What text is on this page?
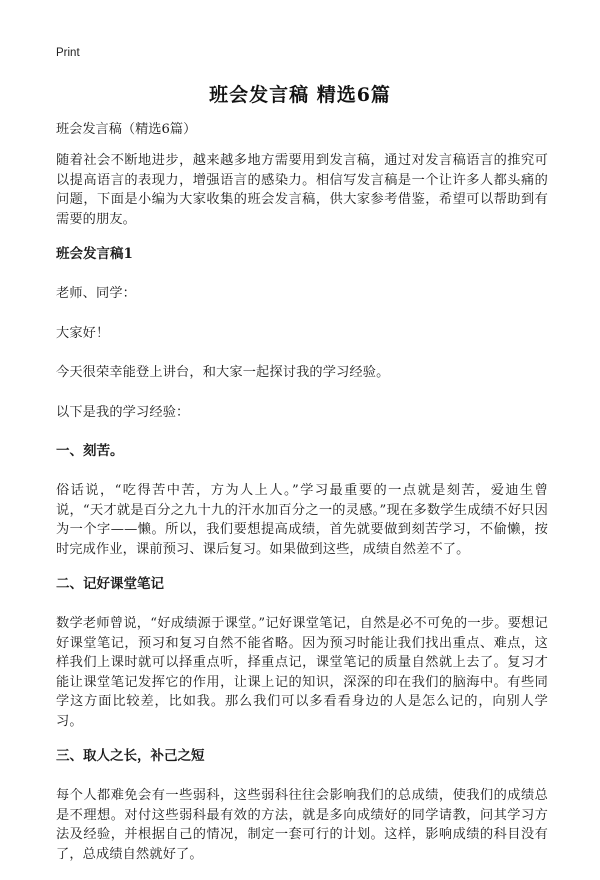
Print
班会发言稿 精选6篇

班会发言稿（精选6篇）

随着社会不断地进步，越来越多地方需要用到发言稿，通过对发言稿语言的推究可以提高语言的表现力，增强语言的感染力。相信写发言稿是一个让许多人都头痛的问题，下面是小编为大家收集的班会发言稿，供大家参考借鉴，希望可以帮助到有需要的朋友。

班会发言稿1

老师、同学：

大家好！

今天很荣幸能登上讲台，和大家一起探讨我的学习经验。

以下是我的学习经验：

一、刻苦。

俗话说，“吃得苦中苦，方为人上人。”学习最重要的一点就是刻苦，爱迪生曾说，“天才就是百分之九十九的汗水加百分之一的灵感。”现在多数学生成绩不好只因为一个字——懒。所以，我们要想提高成绩，首先就要做到刻苦学习，不偷懒，按时完成作业，课前预习、课后复习。如果做到这些，成绩自然差不了。

二、记好课堂笔记

数学老师曾说，“好成绩源于课堂。”记好课堂笔记，自然是必不可免的一步。要想记好课堂笔记，预习和复习自然不能省略。因为预习时能让我们找出重点、难点，这样我们上课时就可以择重点听，择重点记，课堂笔记的质量自然就上去了。复习才能让课堂笔记发挥它的作用，让课上记的知识，深深的印在我们的脑海中。有些同学这方面比较差，比如我。那么我们可以多看看身边的人是怎么记的，向别人学习。

三、取人之长，补己之短

每个人都难免会有一些弱科，这些弱科往往会影响我们的总成绩，使我们的成绩总是不理想。对付这些弱科最有效的方法，就是多向成绩好的同学请教，问其学习方法及经验，并根据自己的情况，制定一套可行的计划。这样，影响成绩的科目没有了，总成绩自然就好了。
